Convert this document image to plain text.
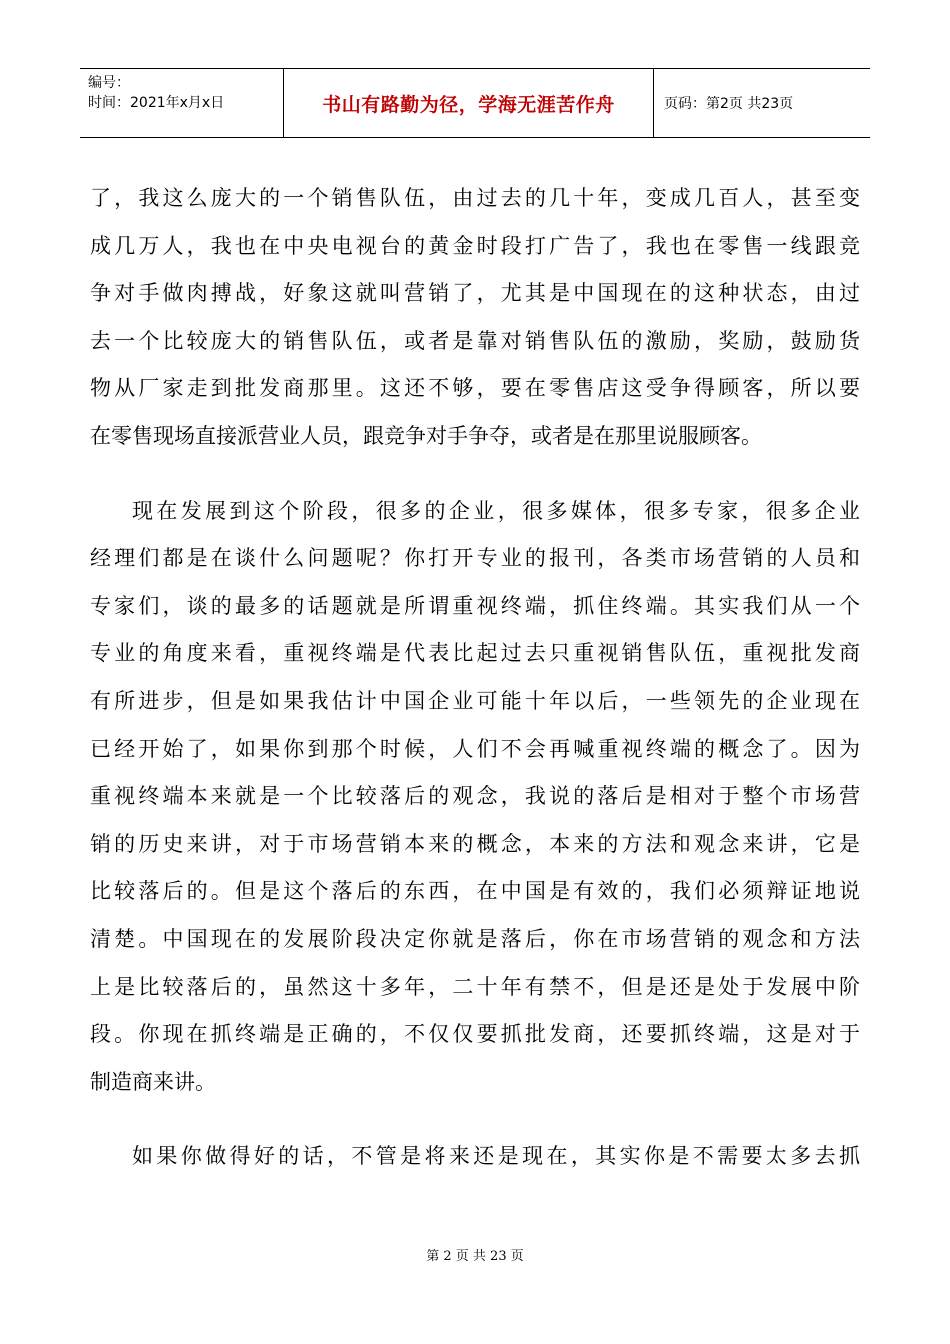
编号：
时间：2021年x月x日	书山有路勤为径，学海无涯苦作舟	页码：第2页 共23页

了，我这么庞大的一个销售队伍，由过去的几十年，变成几百人，甚至变

成几万人，我也在中央电视台的黄金时段打广告了，我也在零售一线跟竞

争对手做肉搏战，好象这就叫营销了，尤其是中国现在的这种状态，由过

去一个比较庞大的销售队伍，或者是靠对销售队伍的激励，奖励，鼓励货

物从厂家走到批发商那里。这还不够，要在零售店这受争得顾客，所以要

在零售现场直接派营业人员，跟竞争对手争夺，或者是在那里说服顾客。

现在发展到这个阶段，很多的企业，很多媒体，很多专家，很多企业

经理们都是在谈什么问题呢？你打开专业的报刊，各类市场营销的人员和

专家们，谈的最多的话题就是所谓重视终端，抓住终端。其实我们从一个

专业的角度来看，重视终端是代表比起过去只重视销售队伍，重视批发商

有所进步，但是如果我估计中国企业可能十年以后，一些领先的企业现在

已经开始了，如果你到那个时候，人们不会再喊重视终端的概念了。因为

重视终端本来就是一个比较落后的观念，我说的落后是相对于整个市场营

销的历史来讲，对于市场营销本来的概念，本来的方法和观念来讲，它是

比较落后的。但是这个落后的东西，在中国是有效的，我们必须辩证地说

清楚。中国现在的发展阶段决定你就是落后，你在市场营销的观念和方法

上是比较落后的，虽然这十多年，二十年有禁不，但是还是处于发展中阶

段。你现在抓终端是正确的，不仅仅要抓批发商，还要抓终端，这是对于

制造商来讲。

如果你做得好的话，不管是将来还是现在，其实你是不需要太多去抓

第 2 页 共 23 页
